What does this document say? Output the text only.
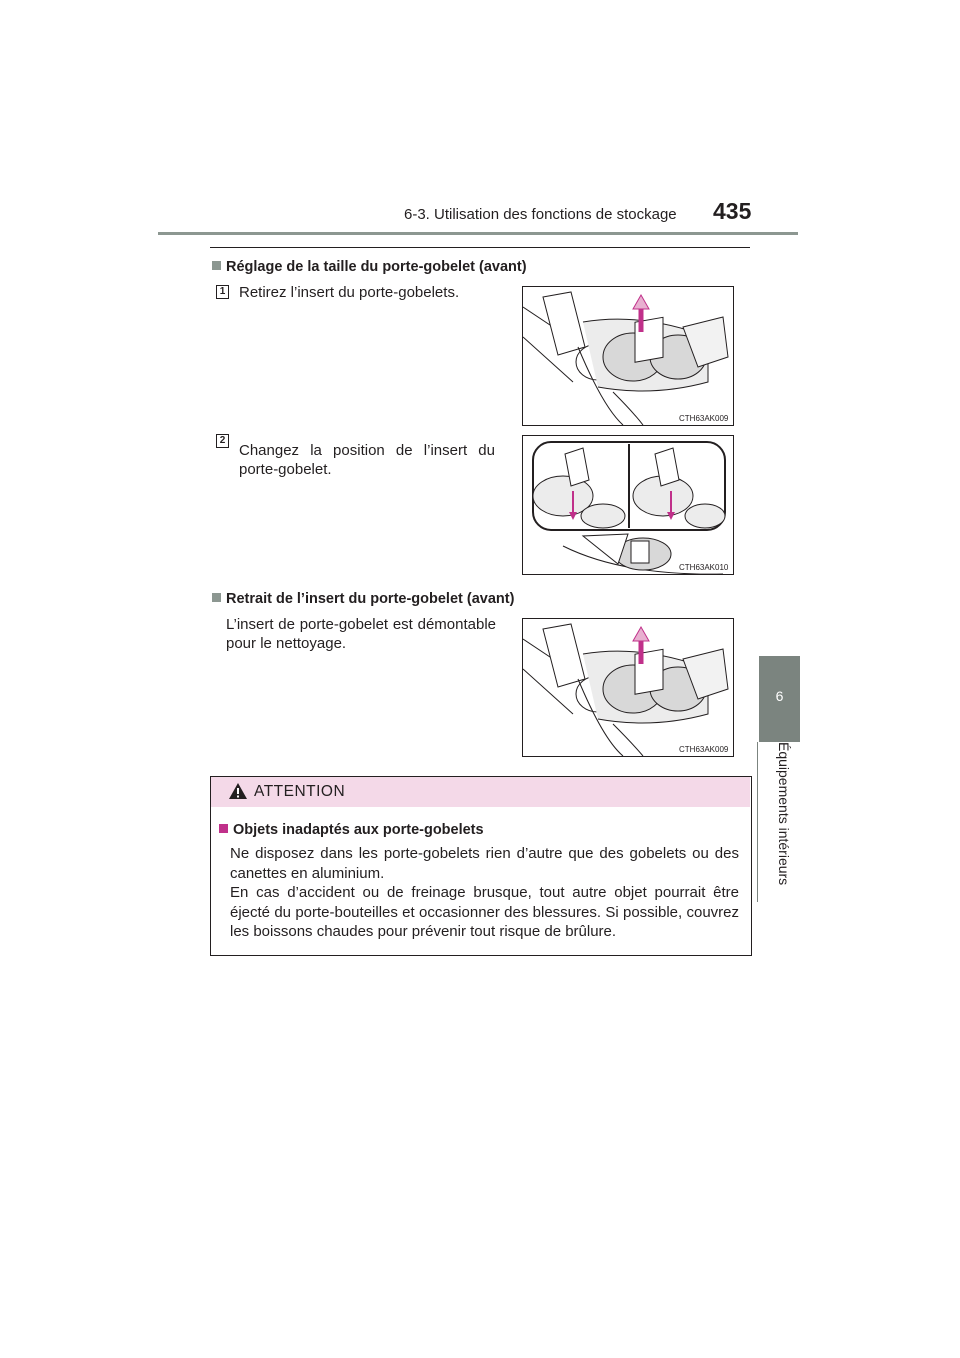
6-3. Utilisation des fonctions de stockage 435
6
Équipements intérieurs
Réglage de la taille du porte-gobelet (avant)
1 Retirez l’insert du porte-gobelets.
CTH63AK009
2
Changez la position de l’insert du porte-gobelet.
CTH63AK010
Retrait de l’insert du porte-gobelet (avant)
L’insert de porte-gobelet est démontable pour le nettoyage.
CTH63AK009
ATTENTION
Objets inadaptés aux porte-gobelets

Ne disposez dans les porte-gobelets rien d’autre que des gobelets ou des canettes en aluminium.

En cas d’accident ou de freinage brusque, tout autre objet pourrait être éjecté du porte-bouteilles et occasionner des blessures. Si possible, couvrez les boissons chaudes pour prévenir tout risque de brûlure.
